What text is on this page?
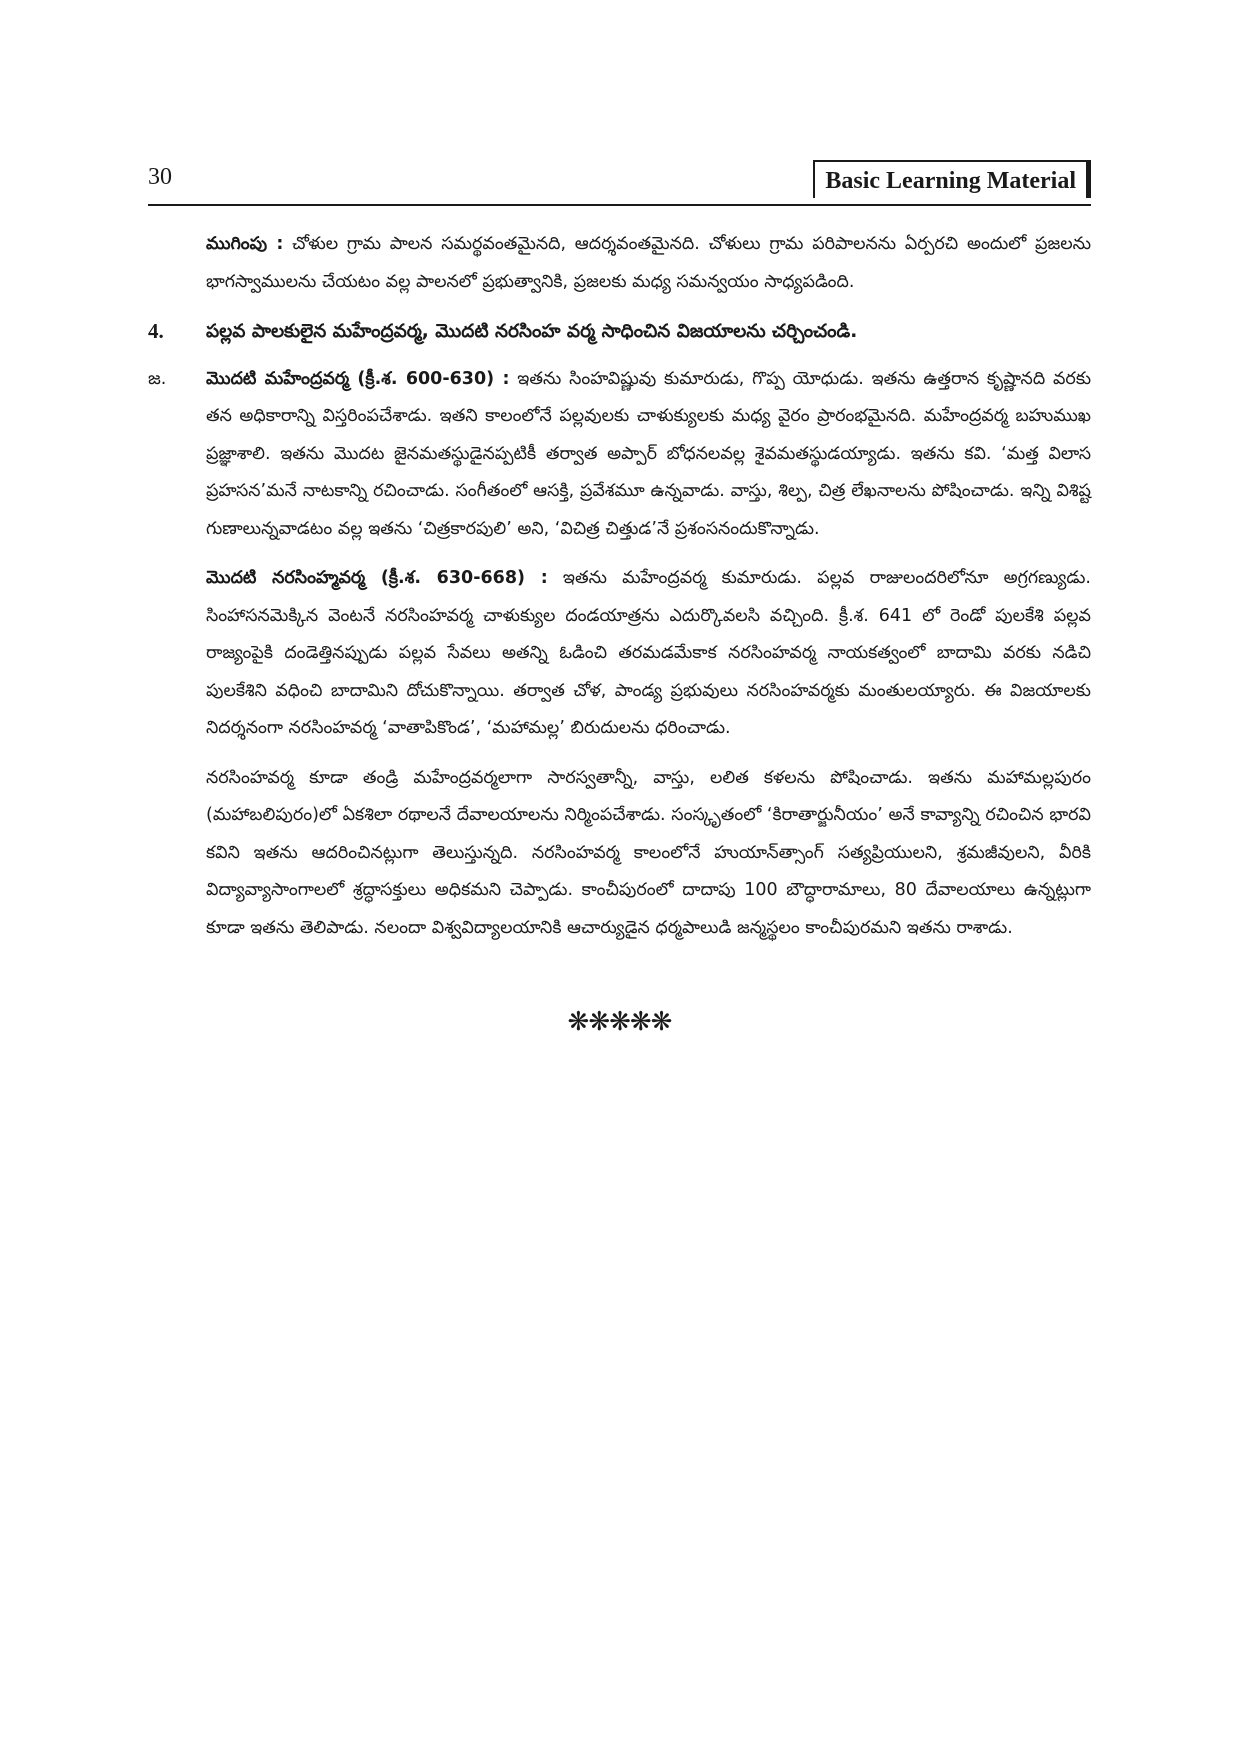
30	Basic Learning Material

ముగింపు : చోళుల గ్రామ పాలన సమర్థవంతమైనది, ఆదర్శవంతమైనది. చోళులు గ్రామ పరిపాలనను ఏర్పరచి అందులో ప్రజలను భాగస్వాములను చేయటం వల్ల పాలనలో ప్రభుత్వానికి, ప్రజలకు మధ్య సమన్వయం సాధ్యపడింది.

4.	పల్లవ పాలకులైన మహేంద్రవర్మ, మొదటి నరసింహ వర్మ సాధించిన విజయాలను చర్చించండి.

జ.	మొదటి మహేంద్రవర్మ (క్రీ.శ. 600-630) : ఇతను సింహవిష్ణువు కుమారుడు, గొప్ప యోధుడు. ఇతను ఉత్తరాన కృష్ణానది వరకు తన అధికారాన్ని విస్తరింపచేశాడు. ఇతని కాలంలోనే పల్లవులకు చాళుక్యులకు మధ్య వైరం ప్రారంభమైనది. మహేంద్రవర్మ బహుముఖ ప్రజ్ఞాశాలి. ఇతను మొదట జైనమతస్థుడైనప్పటికీ తర్వాత అప్పార్ బోధనలవల్ల శైవమతస్థుడయ్యాడు. ఇతను కవి. ‘మత్త విలాస ప్రహసన’మనే నాటకాన్ని రచించాడు. సంగీతంలో ఆసక్తి, ప్రవేశమూ ఉన్నవాడు. వాస్తు, శిల్ప, చిత్ర లేఖనాలను పోషించాడు. ఇన్ని విశిష్ట గుణాలున్నవాడటం వల్ల ఇతను ‘చిత్రకారపులి’ అని, ‘విచిత్ర చిత్తుడ’నే ప్రశంసనందుకొన్నాడు.

మొదటి నరసింహ్మవర్మ (క్రీ.శ. 630-668) : ఇతను మహేంద్రవర్మ కుమారుడు. పల్లవ రాజులందరిలోనూ అగ్రగణ్యుడు. సింహాసనమెక్కిన వెంటనే నరసింహవర్మ చాళుక్యుల దండయాత్రను ఎదుర్కొవలసి వచ్చింది. క్రీ.శ. 641 లో రెండో పులకేశి పల్లవ రాజ్యంపైకి దండెత్తినప్పుడు పల్లవ సేవలు అతన్ని ఓడించి తరమడమేకాక నరసింహవర్మ నాయకత్వంలో బాదామి వరకు నడిచి పులకేశిని వధించి బాదామిని దోచుకొన్నాయి. తర్వాత చోళ, పాండ్య ప్రభువులు నరసింహవర్మకు మంతులయ్యారు. ఈ విజయాలకు నిదర్శనంగా నరసింహవర్మ ‘వాతాపికొండ’, ‘మహామల్ల’ బిరుదులను ధరించాడు.

నరసింహవర్మ కూడా తండ్రి మహేంద్రవర్మలాగా సారస్వతాన్నీ, వాస్తు, లలిత కళలను పోషించాడు. ఇతను మహామల్లపురం (మహాబలిపురం)లో ఏకశిలా రథాలనే దేవాలయాలను నిర్మింపచేశాడు. సంస్కృతంలో ‘కిరాతార్జునీయం’ అనే కావ్యాన్ని రచించిన భారవి కవిని ఇతను ఆదరించినట్లుగా తెలుస్తున్నది. నరసింహవర్మ కాలంలోనే హుయాన్‌త్సాంగ్ సత్యప్రియులని, శ్రమజీవులని, వీరికి విద్యావ్యాసాంగాలలో శ్రద్ధాసక్తులు అధికమని చెప్పాడు. కాంచీపురంలో దాదాపు 100 బౌద్ధారామాలు, 80 దేవాలయాలు ఉన్నట్లుగా కూడా ఇతను తెలిపాడు. నలందా విశ్వవిద్యాలయానికి ఆచార్యుడైన ధర్మపాలుడి జన్మస్థలం కాంచీపురమని ఇతను రాశాడు.

❋❋❋❋❋
